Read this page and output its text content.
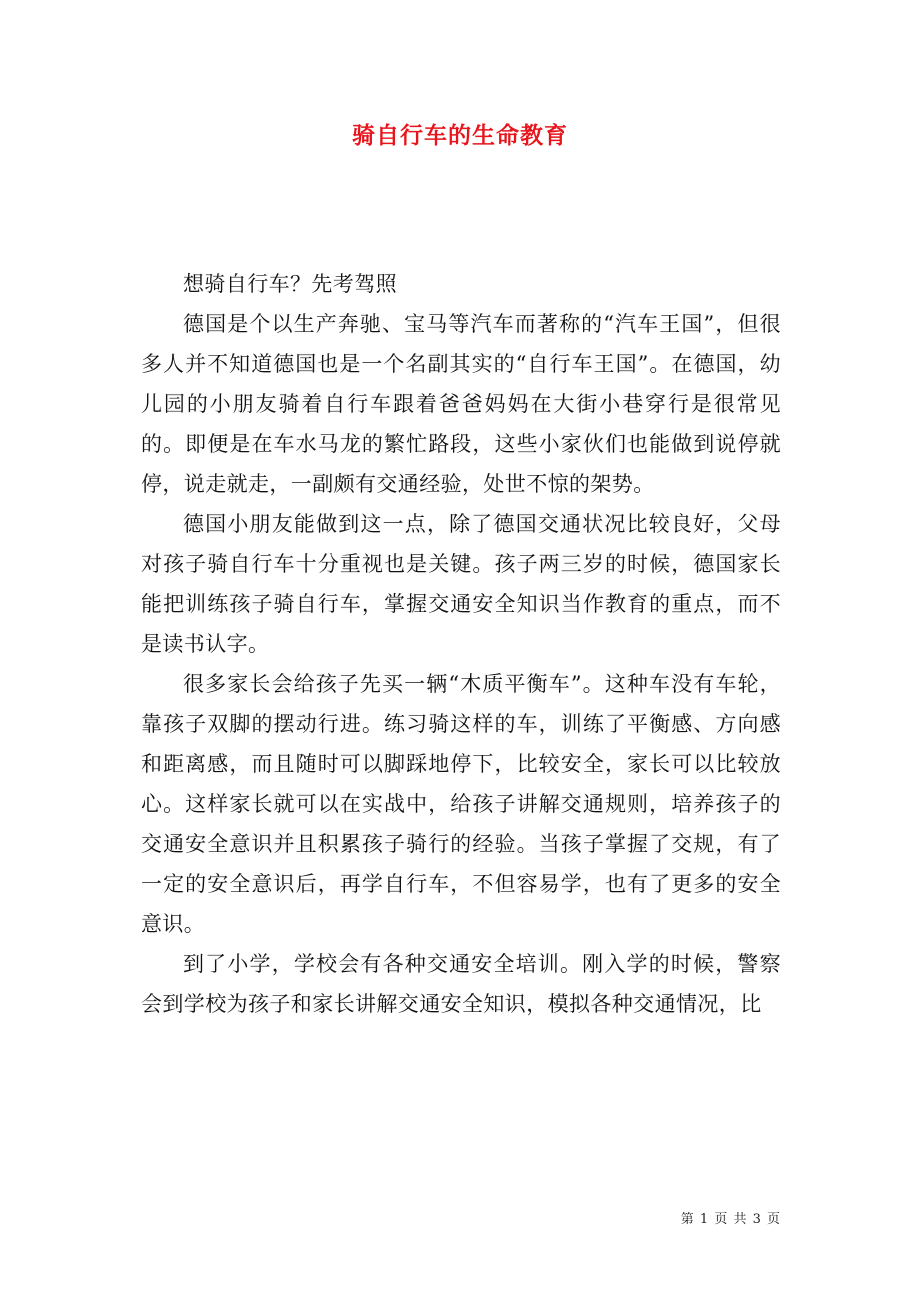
骑自行车的生命教育

想骑自行车？先考驾照

德国是个以生产奔驰、宝马等汽车而著称的“汽车王国”，但很多人并不知道德国也是一个名副其实的“自行车王国”。在德国，幼儿园的小朋友骑着自行车跟着爸爸妈妈在大街小巷穿行是很常见的。即便是在车水马龙的繁忙路段，这些小家伙们也能做到说停就停，说走就走，一副颇有交通经验，处世不惊的架势。

德国小朋友能做到这一点，除了德国交通状况比较良好，父母对孩子骑自行车十分重视也是关键。孩子两三岁的时候，德国家长能把训练孩子骑自行车，掌握交通安全知识当作教育的重点，而不是读书认字。

很多家长会给孩子先买一辆“木质平衡车”。这种车没有车轮，靠孩子双脚的摆动行进。练习骑这样的车，训练了平衡感、方向感和距离感，而且随时可以脚踩地停下，比较安全，家长可以比较放心。这样家长就可以在实战中，给孩子讲解交通规则，培养孩子的交通安全意识并且积累孩子骑行的经验。当孩子掌握了交规，有了一定的安全意识后，再学自行车，不但容易学，也有了更多的安全意识。

到了小学，学校会有各种交通安全培训。刚入学的时候，警察会到学校为孩子和家长讲解交通安全知识，模拟各种交通情况，比

第 1 页 共 3 页
